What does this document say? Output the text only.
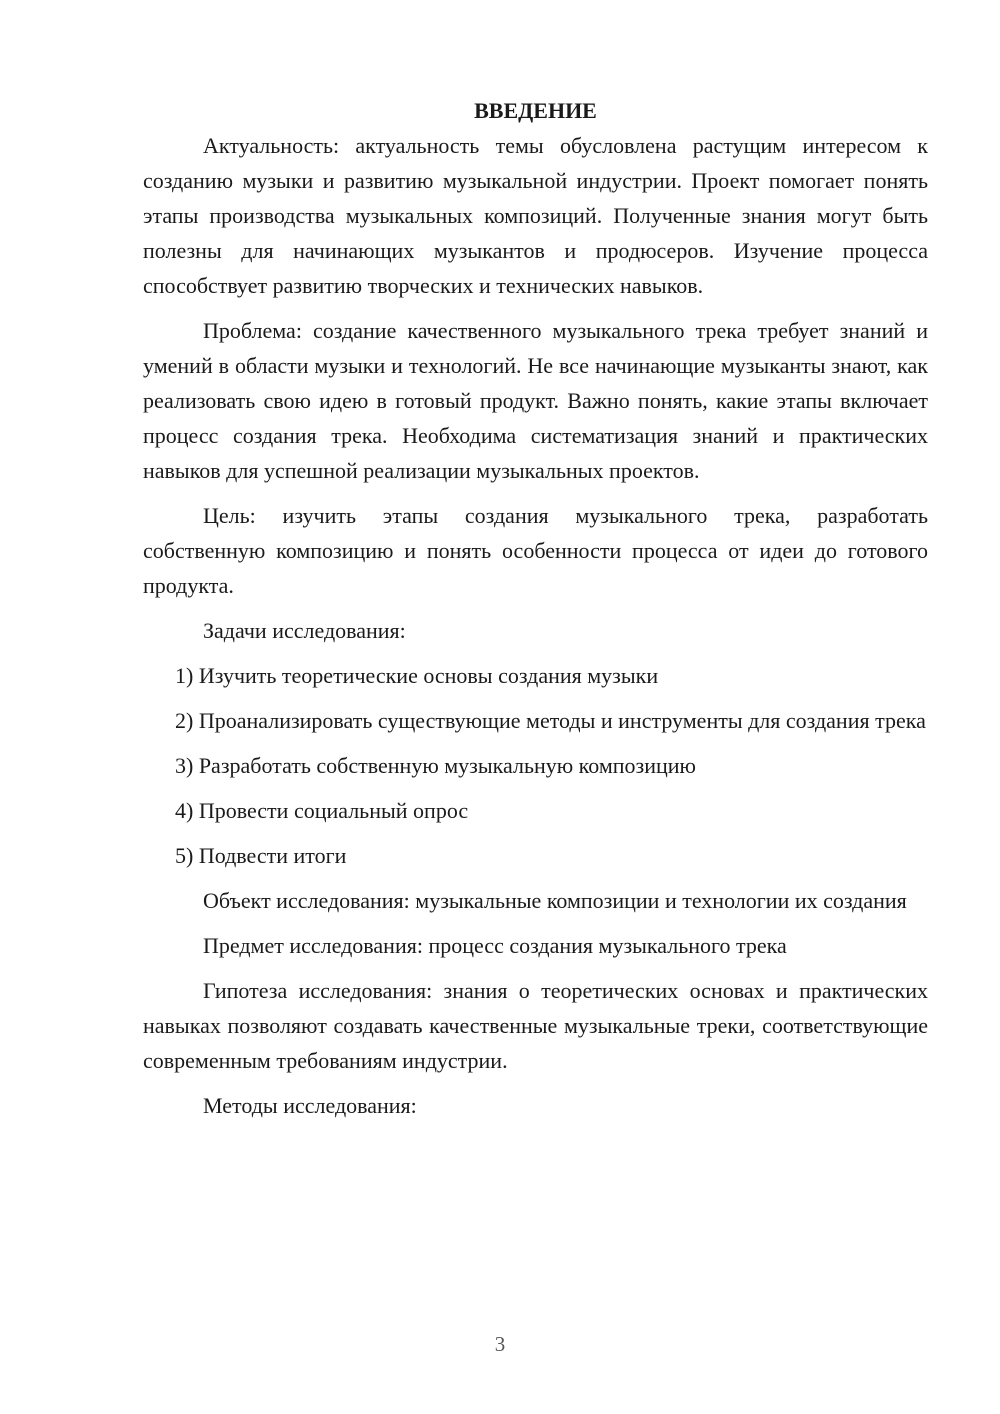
ВВЕДЕНИЕ

Актуальность: актуальность темы обусловлена растущим интересом к созданию музыки и развитию музыкальной индустрии. Проект помогает понять этапы производства музыкальных композиций. Полученные знания могут быть полезны для начинающих музыкантов и продюсеров. Изучение процесса способствует развитию творческих и технических навыков.

Проблема: создание качественного музыкального трека требует знаний и умений в области музыки и технологий. Не все начинающие музыканты знают, как реализовать свою идею в готовый продукт. Важно понять, какие этапы включает процесс создания трека. Необходима систематизация знаний и практических навыков для успешной реализации музыкальных проектов.

Цель: изучить этапы создания музыкального трека, разработать собственную композицию и понять особенности процесса от идеи до готового продукта.

Задачи исследования:

1) Изучить теоретические основы создания музыки

2) Проанализировать существующие методы и инструменты для создания трека

3) Разработать собственную музыкальную композицию

4) Провести социальный опрос

5) Подвести итоги

Объект исследования: музыкальные композиции и технологии их создания

Предмет исследования: процесс создания музыкального трека

Гипотеза исследования: знания о теоретических основах и практических навыках позволяют создавать качественные музыкальные треки, соответствующие современным требованиям индустрии.

Методы исследования:

3
